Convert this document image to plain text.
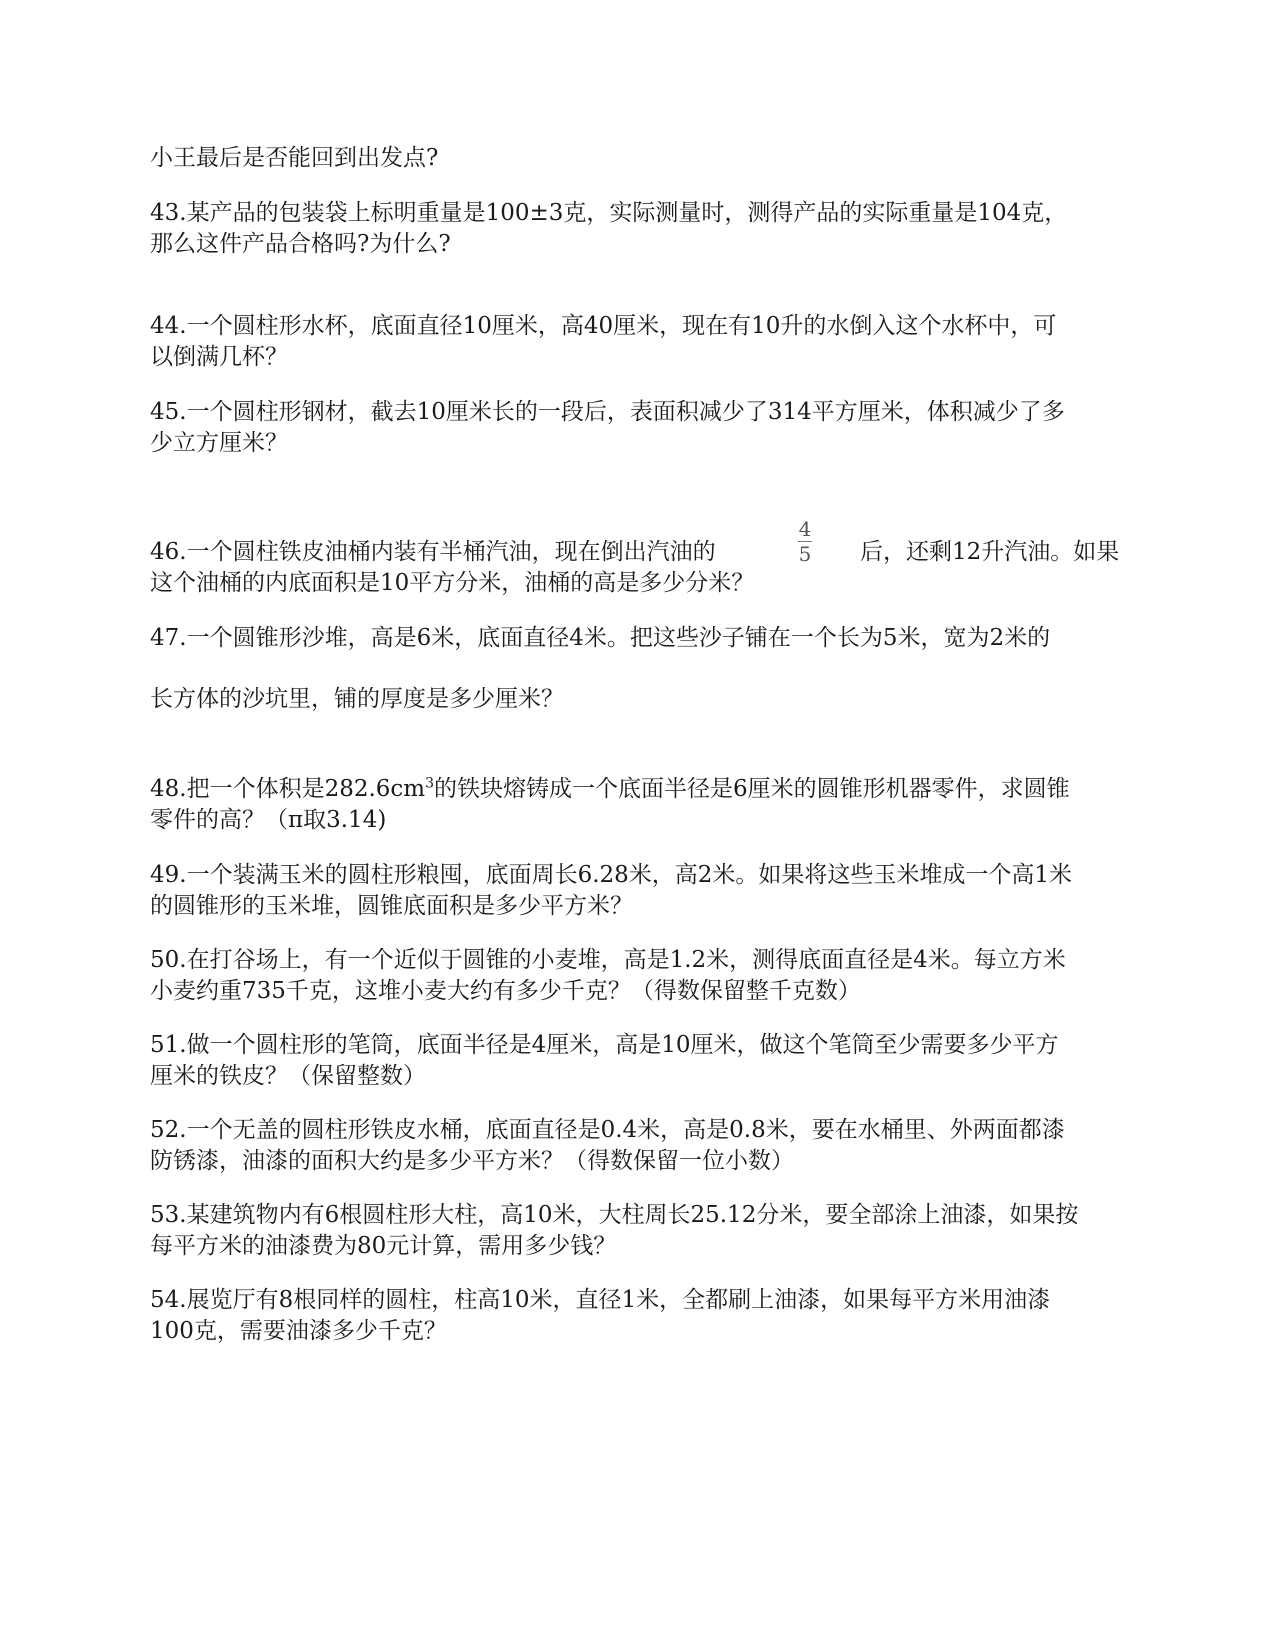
小王最后是否能回到出发点?
43.某产品的包装袋上标明重量是100±3克，实际测量时，测得产品的实际重量是104克，
那么这件产品合格吗?为什么?
44.一个圆柱形水杯，底面直径10厘米，高40厘米，现在有10升的水倒入这个水杯中，可
以倒满几杯？
45.一个圆柱形钢材，截去10厘米长的一段后，表面积减少了314平方厘米，体积减少了多
少立方厘米？
46.一个圆柱铁皮油桶内装有半桶汽油，现在倒出汽油的
4
5 后，还剩12升汽油。如果
这个油桶的内底面积是10平方分米，油桶的高是多少分米？
47.一个圆锥形沙堆，高是6米，底面直径4米。把这些沙子铺在一个长为5米，宽为2米的
长方体的沙坑里，铺的厚度是多少厘米？
48.把一个体积是$282.6cm^3$的铁块熔铸成一个底面半径是6厘米的圆锥形机器零件，求圆锥
零件的高？（π取3.14)
49.一个装满玉米的圆柱形粮囤，底面周长6.28米，高2米。如果将这些玉米堆成一个高1米
的圆锥形的玉米堆，圆锥底面积是多少平方米？
50.在打谷场上，有一个近似于圆锥的小麦堆，高是1.2米，测得底面直径是4米。每立方米
小麦约重735千克，这堆小麦大约有多少千克？（得数保留整千克数）
51.做一个圆柱形的笔筒，底面半径是4厘米，高是10厘米，做这个笔筒至少需要多少平方
厘米的铁皮？（保留整数）
52.一个无盖的圆柱形铁皮水桶，底面直径是0.4米，高是0.8米，要在水桶里、外两面都漆
防锈漆，油漆的面积大约是多少平方米？（得数保留一位小数）
53.某建筑物内有6根圆柱形大柱，高10米，大柱周长25.12分米，要全部涂上油漆，如果按
每平方米的油漆费为80元计算，需用多少钱？
54.展览厅有8根同样的圆柱，柱高10米，直径1米，全都刷上油漆，如果每平方米用油漆
100克，需要油漆多少千克？
